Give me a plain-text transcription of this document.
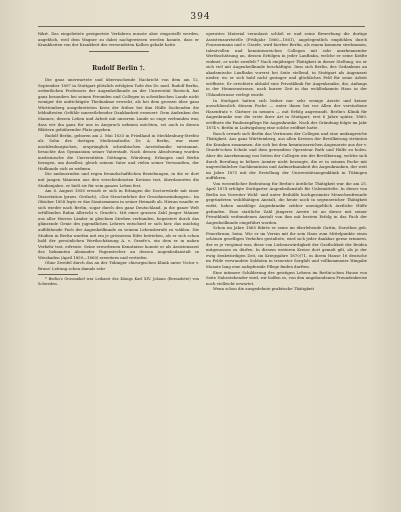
394

führt. Das eingeleitete geeignetste Verfahren musste aber eingestellt werden, angeblich, weil dem Wagner zu dabei nachgewiesen werden konnte, dass er Krankheiten von der Krankheit des verwendeten Kalbes gehabt hatte.

Rudolf Berlin †.

Die ganz unerwartete und überraschende Nachricht von dem am 12. September 1897 in Stuttgart plötzlich erfolgten Tode des Dr. med. Rudolf Berlin, ordentlichen Professors der Augenheilkunde an der Universität Rostock, hat ganz besonders bei seinen Freunden und Collegen in schwäbischen Lande nicht weniger die aufrichtigste Theilnahme erweckt, als bei dem grossen über ganz Württemberg ausgebreiteten Kreis der früher bei ihm Hülfe Suchenden die lebhaftesten Gefühle innerstlebender Dankbarkeit erneuert. Dem Andenken des Mannes, dessen Leben und Arbeit mit unserem Lande so enge verbunden war, dass wir ihn ganz für uns in Anspruch nehmen möchten, sei auch in diesen Blättern gebührender Platz gegeben.

Rudolf Berlin, geboren am 2. Mai 1833 in Friedland in Mecklenburg-Strelitz als Sohn des dortigen Medicinalraths Dr. A. Berlin, war einer mecklenburgischen, ursprünglich schwäbischen Aerztefamilie entstammt, besuchte das Gymnasium seiner Vaterstadt. Nach dessen Absolvirung wurden medicinische die Universitäten Göttingen, Würzburg, Erlangen und Berlin bezogen, um daselbst, gleich seinem Vater und vielen seiner Verwandten, der Heilkunde sich zu widmen.

Die andauernden und regen freundschaftlichen Beziehungen, in die er dort mit jungen Männern aus den verschiedensten Kreisen trat, überdauerten die Studienjahre, er hielt sie für sein ganzes Leben fest.

Am 8. August 1858 erwarb er sich in Erlangen die Doctorwürde mit einer Dissertation (praes. Gerlach), »Zur Structurlehre der Grosshirnwindungen«. Im Oktober 1858 legte er das Staatsexamen in seiner Heimath ab. Hieran wandte er sich wieder nach Berlin, sogar durch den ganz Deutschland, ja die ganze Welt erfüllenden Ruhm Albrecht v. Graefe's. Mit einer grossen Zahl junger Männer aus aller Herren Länder in gleichem Streben verbunden, begeistert durch das glänzende Genie des jugendlichen Lehrers entschied er sich hier, das mächtig aufblühende Fach der Augenheilkunde zu seinem Lebensberufe zu wählen. Die Studien in Berlin wurden mit ein je grösserem Eifer betrieben, als er sich schon bald der persönlichen Werthschätzung A. v. Graefe's, ein dem er in nahen Verkehr trat, erfreute. Seine erworbenen Kenntnisse konnte er als Assistenzarzt des bekannten Alexander Pagenstecher an dessen Augenheilanstalt in Wiesbaden (April 1859—1860) erweitern und vertiefen.

Ohne Zweifel durch das an der Tübinger chirurgischen Klinik unter Victor v. Bruns' Leitung schon damals sehr

* Berlin's Grossonkel war Leibarzt des Königs Karl XIV. Johann (Bernadotte) von Schweden.

operative Material veranlasst schloß er und seine Bewerbung die dortige Assistenzarztstelle (Frühjahr 1860—1861), angelegentlich empfohlen durch Fournermann und v. Graefe, wird hierher Berlin, als einem kommen strebsamen, talentvollen und kenntnissreichen Collegen mit sehr anerkennender Werthschätzung an, dessen Erfolgen in jeder Laufbahn, welche er seine Kräfte widmet, er nicht zweifelt.* Nach einjähriger Thätigkeit in dieser Stellung, wo er sich viel mit Augenheilkunde beschäftigte, liess sich Berlin, des Gedankens an akademische Laufbahn vorerst bei Seite stellend, in Stuttgart als Augenarzt nieder, wo er sich bald nicht geringer und glückliches Feld für seine Arbeit eröffnete. Er errichtete alsbald eine Privatklinik für Augenkranke, die, Anfangs in der Heimsenstrasse, nach kurzer Zeit in das wohlbekannte Haus in der Uhlandstrasse verlegt wurde.

In Stuttgart hatten sich bisher nur sehr wenige Aerzte und keiner ausschliesslich diesem Fache — unter ihnen hei vor Allen der verstorbene Hasenfratz v. Gärtner zu nennen — mit Erfolg angewandt. Berlin's Klinik für Augenkranke war die erste ihrer Art in Stuttgart; erst 6 Jahre später, 1869, eröffnete die Paulinenpflege für Augenkranke. Nach der Gründung folgte im Jahr 1874 v. Berlin in Ludwigsburg eine solche eröffnet hatte.

Rasch erwarb sich Berlin das Vertrauen der Collegen und eine umfangreiche Thätigkeit. Aus ganz Württemberg, aus allen Kreisen der Bevölkerung strömten die Kranken zusammen, die sich bei dem kenntnissreichen Augenarzte aus der v. Graefe'schen Schule und dem gewandten Operateur Rath und Hülfe zu holen. Aber die Anerkennung von Seiten der Collegen wie der Bevölkerung, welche sich durch Berufung in höhere Aemter nicht bezeugte, die er in seinem Fache mit ungewöhnlicher Sachkenntniss und Aufmerksamkeit die Augenkranken, der weit im Jahre 1875 mit der Erstellung der Universitätsaugenklinik in Tübingen aufführen.

Von wesentlicher Bedeutung für Berlin's ärztliche Thätigkeit war die am 25. April 1874 erfolgte Stuttgarter Augenheilanstalt für Unbemittelte. In dieser von Berlin ins Vorreiter Wohl- und unter Beihülfe hochgesinnter Menschenfreunde gegründeten wohlthätigen Anstalt, die heute noch in segensreicher Thätigkeit wirkt, haben unzählige Augenkranke seither unentgeltlich ärztliche Hülfe gefunden. Eine stattliche Zahl jüngerer Aerzte ist an dieser mit seiner Privatklinik verbundenen Anstalt von ihm mit bestem Erfolg in das Fach der Augenheilkunde eingeführt worden.

Schon im Jahre 1865 führte er seine im überlebende Gattin, Dorothea geb. Feuerbrunn, heim. Wie er im Verein mit ihr sein Haus zum Mittelpunkte eines schönen geselligen Verkehrs gestaltete, wird sich jeder dankbar gerne erinnern, der es je vergönnt war, diese von Liebenswürdigkeit der Gastlichkeit der Beiden mitgenossen zu dürfen. In diesem weiteren Kreise dort gemalt gilt, als je der ewig denkwürdigen Zeit, im Kriegsjahre 1870/71, in ihrem Hause 16 deutsche im Felde verwundete Soldaten in treuester Sorgfalt und vollkommener Hingabe Monate lang eine aufopfernde Pflege finden durften.

Eine intimere Schilderung des geistigen Lebens im Berlin'schen Hause von Seite Nahestehender wird, wir hoffen es, von den ungebundenen Freundeskreise noch vielleicht erwartet.

Wenn schon die ausgedehnte praktische Thätigkeit
